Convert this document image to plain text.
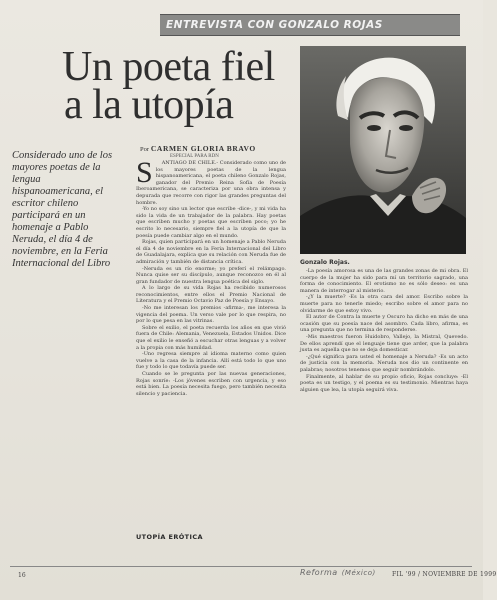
ENTREVISTA CON GONZALO ROJAS
Un poeta fiel
a la utopía
Considerado uno de los mayores poetas de la lengua hispanoamericana, el escritor chileno participará en un homenaje a Pablo Neruda, el día 4 de noviembre, en la Feria Internacional del Libro
Por CARMEN GLORIA BRAVO
ESPECIAL PARA RDN
Gonzalo Rojas.
S	ANTIAGO DE CHILE.- Considerado como uno de los mayores poetas de la lengua hispanoamericana, el poeta chileno Gonzalo Rojas, ganador del Premio Reina Sofía de Poesía Iberoamericana, se caracteriza por una obra intensa y depurada que recorre con rigor las grandes preguntas del hombre.

-Yo no soy sino un lector que escribe -dice-, y mi vida ha sido la vida de un trabajador de la palabra. Hay poetas que escriben mucho y poetas que escriben poco; yo he escrito lo necesario, siempre fiel a la utopía de que la poesía puede cambiar algo en el mundo.

Rojas, quien participará en un homenaje a Pablo Neruda el día 4 de noviembre en la Feria Internacional del Libro de Guadalajara, explica que su relación con Neruda fue de admiración y también de distancia crítica.

-Neruda es un río enorme; yo preferí el relámpago. Nunca quise ser su discípulo, aunque reconozco en él al gran fundador de nuestra lengua poética del siglo.

A lo largo de su vida Rojas ha recibido numerosos reconocimientos, entre ellos el Premio Nacional de Literatura y el Premio Octavio Paz de Poesía y Ensayo.

-No me interesan los premios -afirma-, me interesa la vigencia del poema. Un verso vale por lo que respira, no por lo que pesa en las vitrinas.

Sobre el exilio, el poeta recuerda los años en que vivió fuera de Chile: Alemania, Venezuela, Estados Unidos. Dice que el exilio le enseñó a escuchar otras lenguas y a volver a la propia con más humildad.

-Uno regresa siempre al idioma materno como quien vuelve a la casa de la infancia. Allí está todo lo que uno fue y todo lo que todavía puede ser.

Cuando se le pregunta por las nuevas generaciones, Rojas sonríe: -Los jóvenes escriben con urgencia, y eso está bien. La poesía necesita fuego, pero también necesita silencio y paciencia.

UTOPÍA ERÓTICA

-La poesía amorosa es una de las grandes zonas de mi obra. El cuerpo de la mujer ha sido para mí un territorio sagrado, una forma de conocimiento. El erotismo no es sólo deseo: es una manera de interrogar al misterio.

-¿Y la muerte? -Es la otra cara del amor. Escribo sobre la muerte para no tenerle miedo; escribo sobre el amor para no olvidarme de que estoy vivo.

El autor de Contra la muerte y Oscuro ha dicho en más de una ocasión que su poesía nace del asombro. Cada libro, afirma, es una pregunta que no termina de responderse.

-Mis maestros fueron Huidobro, Vallejo, la Mistral, Quevedo. De ellos aprendí que el lenguaje tiene que arder, que la palabra justa es aquella que no se deja domesticar.

-¿Qué significa para usted el homenaje a Neruda? -Es un acto de justicia con la memoria. Neruda nos dio un continente en palabras; nosotros tenemos que seguir nombrándolo.

Finalmente, al hablar de su propio oficio, Rojas concluye: -El poeta es un testigo, y el poema es su testimonio. Mientras haya alguien que lea, la utopía seguirá viva.

16	Reforma (México)	FIL '99 / NOVIEMBRE DE 1999
